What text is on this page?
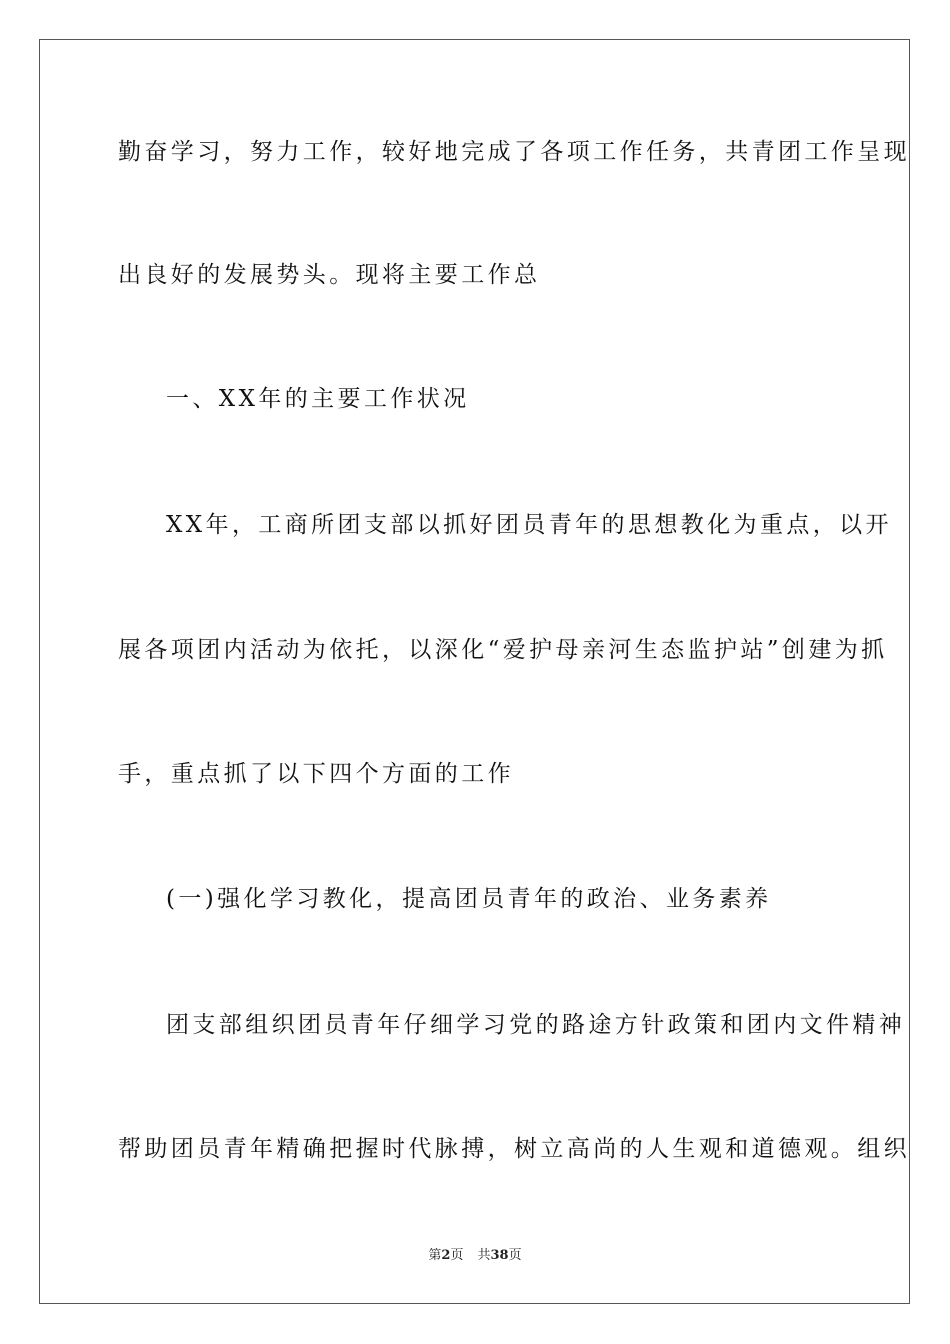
勤奋学习，努力工作，较好地完成了各项工作任务，共青团工作呈现
出良好的发展势头。现将主要工作总
一、XX年的主要工作状况
XX年，工商所团支部以抓好团员青年的思想教化为重点，以开
展各项团内活动为依托，以深化“爱护母亲河生态监护站”创建为抓
手，重点抓了以下四个方面的工作
(一)强化学习教化，提高团员青年的政治、业务素养
团支部组织团员青年仔细学习党的路途方针政策和团内文件精神
帮助团员青年精确把握时代脉搏，树立高尚的人生观和道德观。组织
第2页 共38页
